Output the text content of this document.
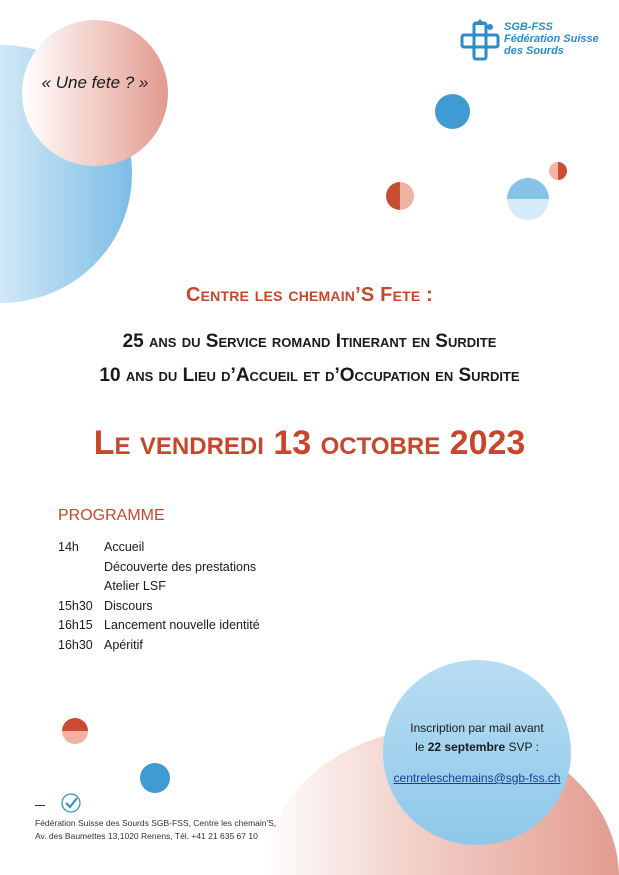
« Une fete ? »
SGB-FSS
Fédération Suisse
des Sourds
Centre les chemain’S Fete :
25 ans du Service romand Itinerant en Surdite
10 ans du Lieu d’Accueil et d’Occupation en Surdite
Le vendredi 13 octobre 2023
PROGRAMME
14h	Accueil
Découverte des prestations
Atelier LSF
15h30 Discours
16h15 Lancement nouvelle identité
16h30 Apéritif
Inscription par mail avant
le 22 septembre SVP :
centreleschemains@sgb-fss.ch
Fédération Suisse des Sourds SGB-FSS, Centre les chemain'S,
Av. des Baumettes 13,1020 Renens, Tél. +41 21 635 67 10
